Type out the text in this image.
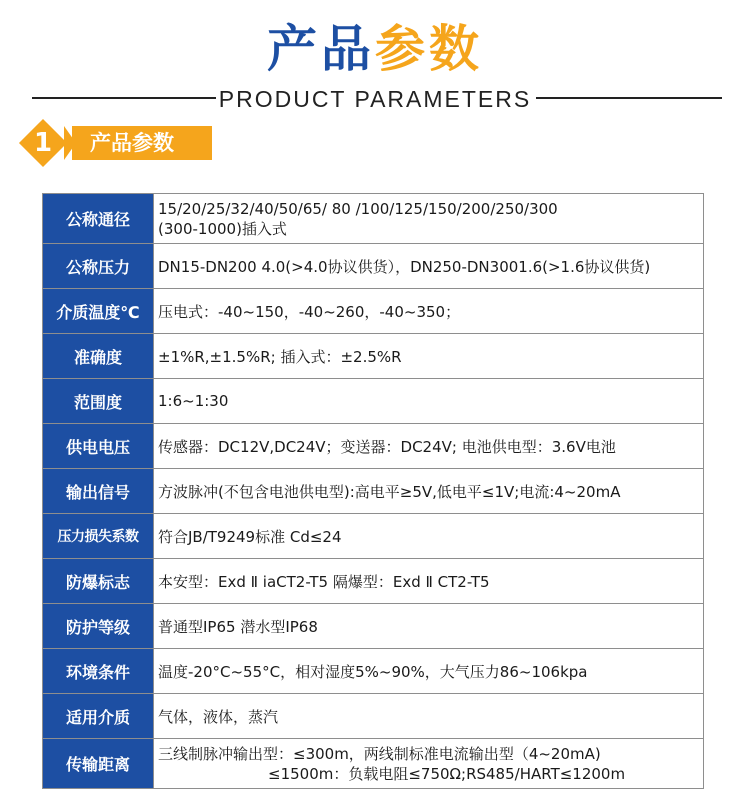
产品参数
PRODUCT PARAMETERS
1	产品参数
公称通径	15/20/25/32/40/50/65/ 80 /100/125/150/200/250/300
(300-1000)插入式

公称压力	DN15-DN200 4.0(>4.0协议供货），DN250-DN3001.6(>1.6协议供货)
介质温度℃	压电式：-40~150，-40~260，-40~350；
准确度	±1%R,±1.5%R; 插入式：±2.5%R
范围度	1:6~1:30
供电电压	传感器：DC12V,DC24V；变送器：DC24V; 电池供电型：3.6V电池
输出信号	方波脉冲(不包含电池供电型):高电平≥5V,低电平≤1V;电流:4~20mA
压力损失系数	符合JB/T9249标准 Cd≤24
防爆标志	本安型：Exd Ⅱ iaCT2-T5 隔爆型：Exd Ⅱ CT2-T5
防护等级	普通型IP65 潜水型IP68
环境条件	温度-20°C~55°C，相对湿度5%~90%，大气压力86~106kpa
适用介质	气体，液体，蒸汽
传输距离	三线制脉冲输出型：≤300m，两线制标准电流输出型（4~20mA)
≤1500m：负载电阻≤750Ω;RS485/HART≤1200m
